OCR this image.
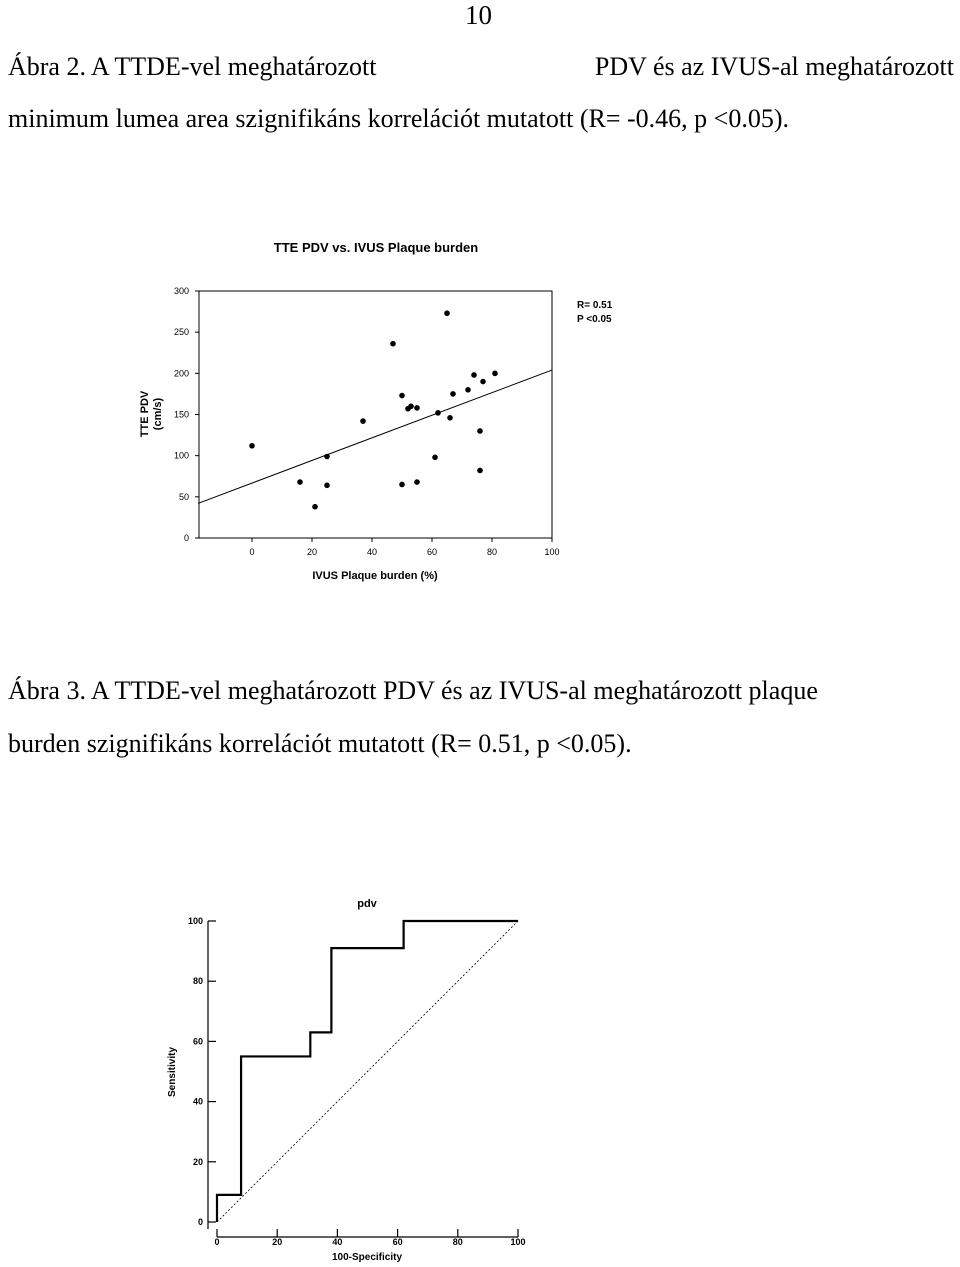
10
Ábra 2. A TTDE-vel meghatározott	PDV és az IVUS-al meghatározott
minimum lumea area szignifikáns korrelációt mutatott (R= -0.46, p <0.05).
Ábra 3. A TTDE-vel meghatározott PDV és az IVUS-al meghatározott plaque
burden szignifikáns korrelációt mutatott (R= 0.51, p <0.05).
TTE PDV vs. IVUS Plaque burden
0
50
100
150
200
250
300
0	20	40	60	80	100
IVUS Plaque burden (%)
TTE PDV (cm/s)
R= 0.51
P <0.05
pdv
0
20
40
60
80
100
0	20	40	60	80	100
100-Specificity
Sensitivity
